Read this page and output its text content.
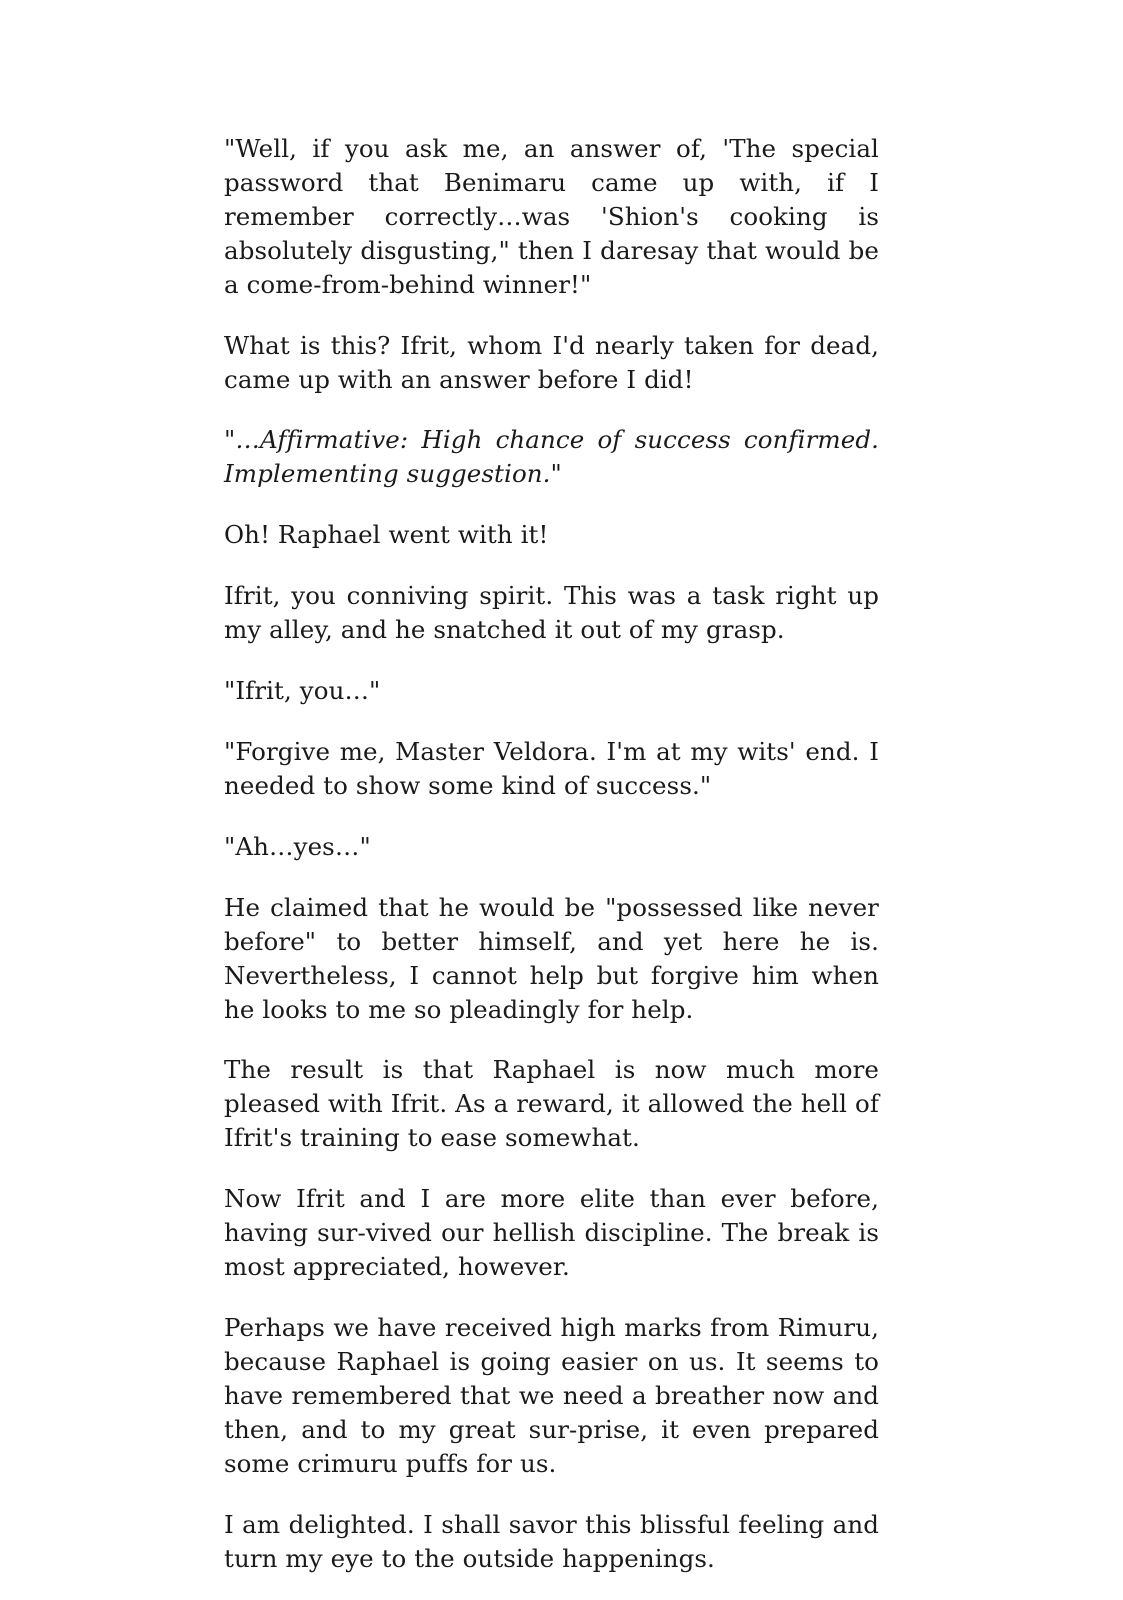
"Well, if you ask me, an answer of, 'The special password that Benimaru came up with, if I remember correctly…was 'Shion's cooking is absolutely disgusting," then I daresay that would be a come-from-behind winner!"

What is this? Ifrit, whom I'd nearly taken for dead, came up with an answer before I did!

"…Affirmative: High chance of success confirmed. Implementing suggestion."

Oh! Raphael went with it!

Ifrit, you conniving spirit. This was a task right up my alley, and he snatched it out of my grasp.

"Ifrit, you…"

"Forgive me, Master Veldora. I'm at my wits' end. I needed to show some kind of success."

"Ah…yes…"

He claimed that he would be "possessed like never before" to better himself, and yet here he is. Nevertheless, I cannot help but forgive him when he looks to me so pleadingly for help.

The result is that Raphael is now much more pleased with Ifrit. As a reward, it allowed the hell of Ifrit's training to ease somewhat.

Now Ifrit and I are more elite than ever before, having sur-vived our hellish discipline. The break is most appreciated, however.

Perhaps we have received high marks from Rimuru, because Raphael is going easier on us. It seems to have remembered that we need a breather now and then, and to my great sur-prise, it even prepared some crimuru puffs for us.

I am delighted. I shall savor this blissful feeling and turn my eye to the outside happenings.
